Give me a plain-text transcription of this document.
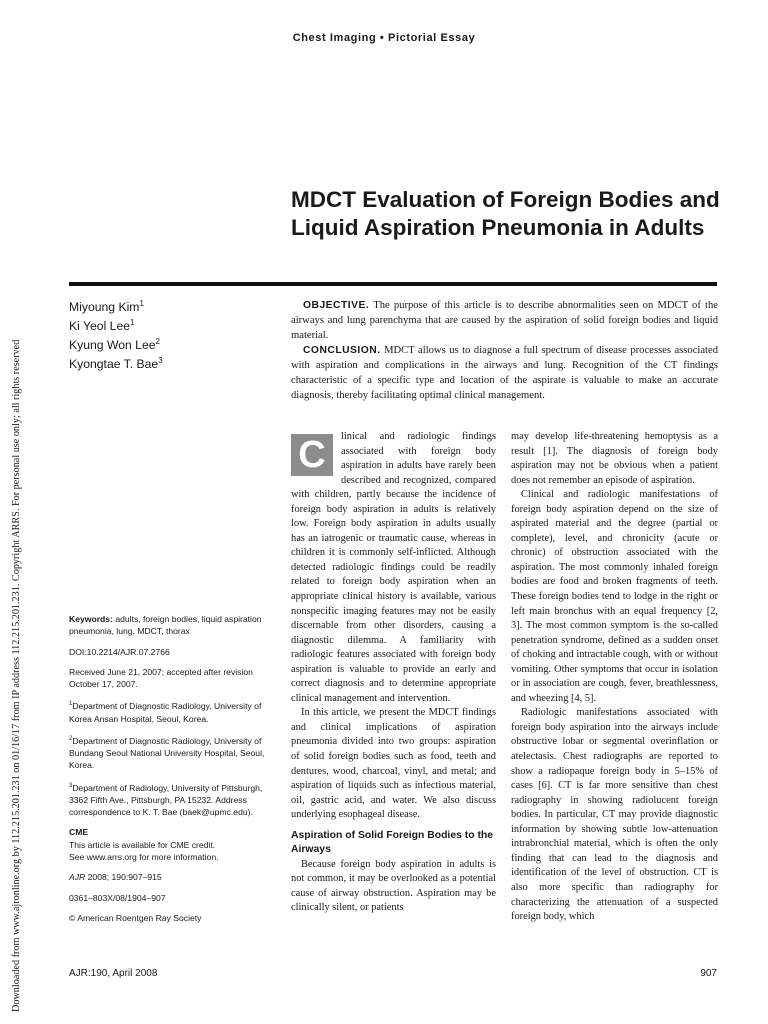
Downloaded from www.ajronline.org by 112.215.201.231 on 01/16/17 from IP address 112.215.201.231. Copyright ARRS. For personal use only; all rights reserved
Chest Imaging • Pictorial Essay
MDCT Evaluation of Foreign Bodies and Liquid Aspiration Pneumonia in Adults
Miyoung Kim$^1$
Ki Yeol Lee$^1$
Kyung Won Lee$^2$
Kyongtae T. Bae$^3$

OBJECTIVE. The purpose of this article is to describe abnormalities seen on MDCT of the airways and lung parenchyma that are caused by the aspiration of solid foreign bodies and liquid material.

CONCLUSION. MDCT allows us to diagnose a full spectrum of disease processes associated with aspiration and complications in the airways and lung. Recognition of the CT findings characteristic of a specific type and location of the aspirate is valuable to make an accurate diagnosis, thereby facilitating optimal clinical management.

C	linical and radiologic findings associated with foreign body aspiration in adults have rarely been described and recognized, compared with children, partly because the incidence of foreign body aspiration in adults is relatively low. Foreign body aspiration in adults usually has an iatrogenic or traumatic cause, whereas in children it is commonly self-inflicted. Although detected radiologic findings could be readily related to foreign body aspiration when an appropriate clinical history is available, various nonspecific imaging features may not be easily discernable from other disorders, causing a diagnostic dilemma. A familiarity with radiologic features associated with foreign body aspiration is valuable to provide an early and correct diagnosis and to determine appropriate clinical management and intervention.

In this article, we present the MDCT findings and clinical implications of aspiration pneumonia divided into two groups: aspiration of solid foreign bodies such as food, teeth and dentures, wood, charcoal, vinyl, and metal; and aspiration of liquids such as infectious material, oil, gastric acid, and water. We also discuss underlying esophageal disease.

Aspiration of Solid Foreign Bodies to the Airways

Because foreign body aspiration in adults is not common, it may be overlooked as a potential cause of airway obstruction. Aspiration may be clinically silent, or patients

may develop life-threatening hemoptysis as a result [1]. The diagnosis of foreign body aspiration may not be obvious when a patient does not remember an episode of aspiration.

Clinical and radiologic manifestations of foreign body aspiration depend on the size of aspirated material and the degree (partial or complete), level, and chronicity (acute or chronic) of obstruction associated with the aspiration. The most commonly inhaled foreign bodies are food and broken fragments of teeth. These foreign bodies tend to lodge in the right or left main bronchus with an equal frequency [2, 3]. The most common symptom is the so-called penetration syndrome, defined as a sudden onset of choking and intractable cough, with or without vomiting. Other symptoms that occur in isolation or in association are cough, fever, breathlessness, and wheezing [4, 5].

Radiologic manifestations associated with foreign body aspiration into the airways include obstructive lobar or segmental overinflation or atelectasis. Chest radiographs are reported to show a radiopaque foreign body in 5–15% of cases [6]. CT is far more sensitive than chest radiography in showing radiolucent foreign bodies. In particular, CT may provide diagnostic information by showing subtle low-attenuation intrabronchial material, which is often the only finding that can lead to the diagnosis and identification of the level of obstruction. CT is also more specific than radiography for characterizing the attenuation of a suspected foreign body, which

Keywords: adults, foreign bodies, liquid aspiration pneumonia, lung, MDCT, thorax

DOI:10.2214/AJR.07.2766

Received June 21, 2007; accepted after revision October 17, 2007.

$^1$Department of Diagnostic Radiology, University of Korea Ansan Hospital, Seoul, Korea.

$^2$Department of Diagnostic Radiology, University of Bundang Seoul National University Hospital, Seoul, Korea.

$^3$Department of Radiology, University of Pittsburgh, 3362 Fifth Ave., Pittsburgh, PA 15232. Address correspondence to K. T. Bae (baek@upmc.edu).

CME
This article is available for CME credit.
See www.arrs.org for more information.

AJR 2008; 190:907–915

0361–803X/08/1904–907

© American Roentgen Ray Society

AJR:190, April 2008	907
